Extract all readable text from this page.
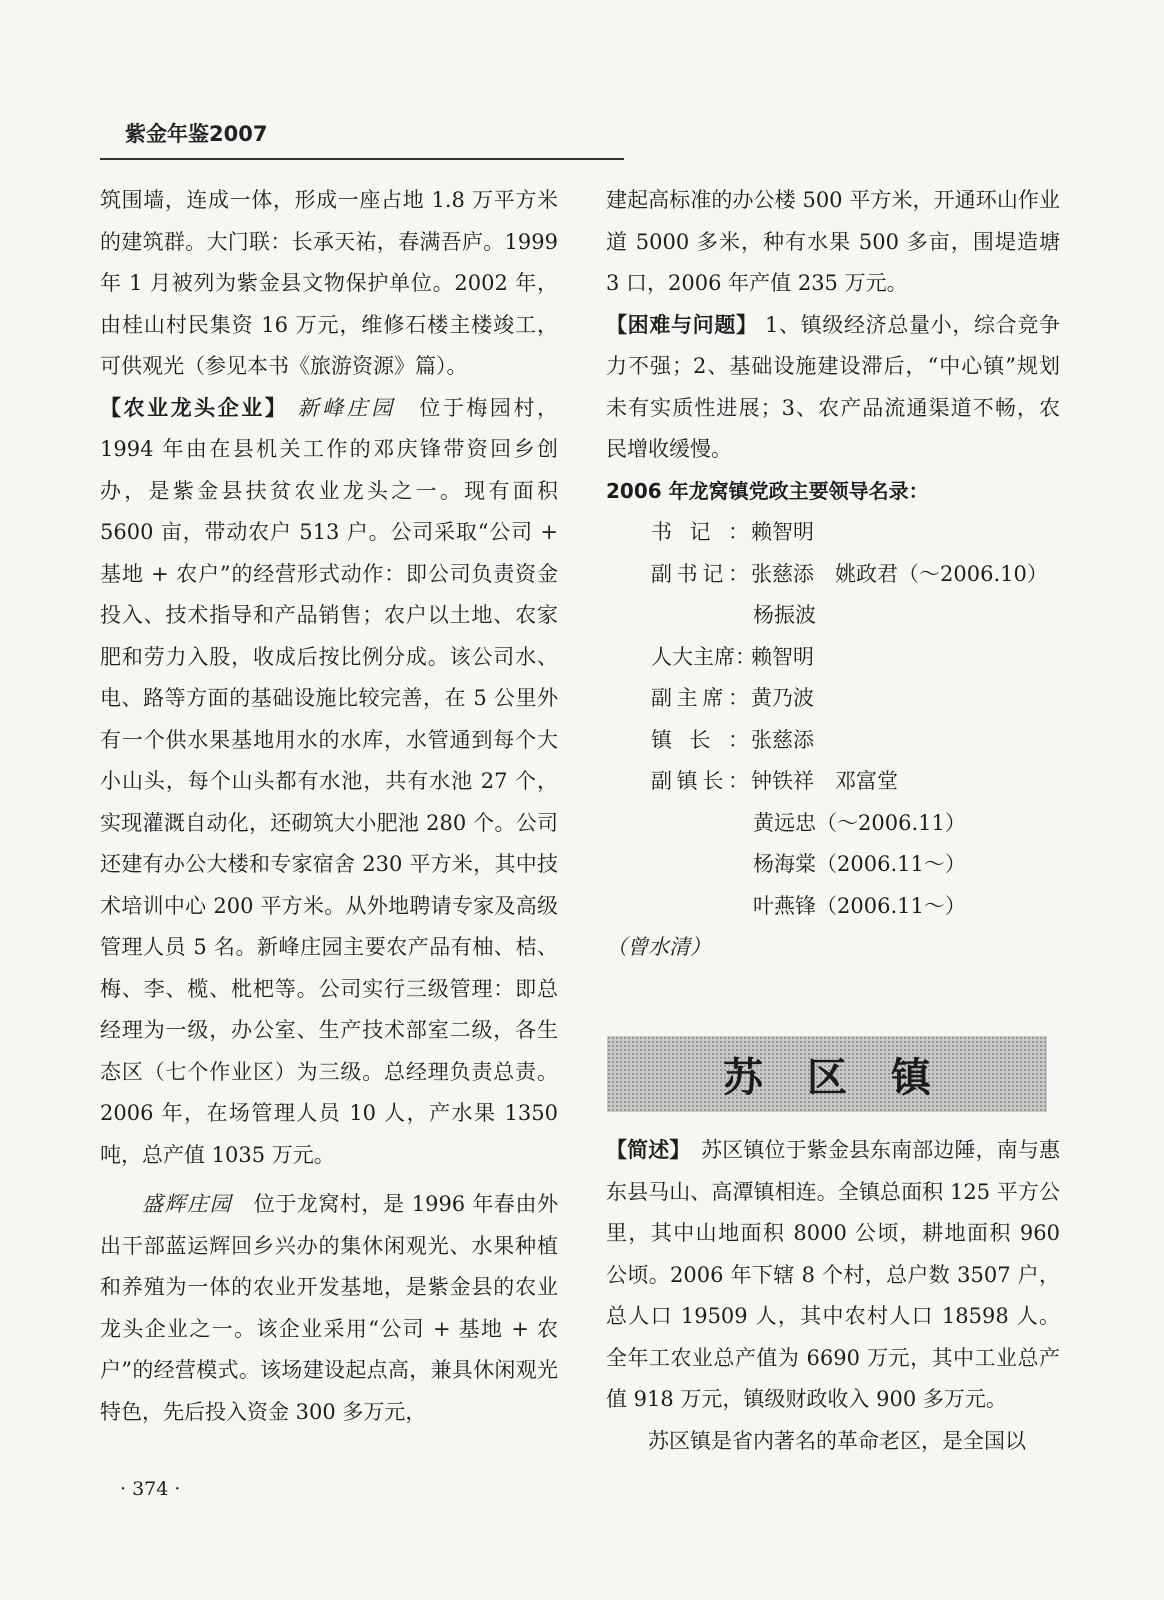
紫金年鉴2007

筑围墙，连成一体，形成一座占地 1.8 万平方米的建筑群。大门联：长承天祐，春满吾庐。1999 年 1 月被列为紫金县文物保护单位。2002 年，由桂山村民集资 16 万元，维修石楼主楼竣工，可供观光（参见本书《旅游资源》篇）。

【农业龙头企业】 新峰庄园　 位于梅园村，1994 年由在县机关工作的邓庆锋带资回乡创办，是紫金县扶贫农业龙头之一。现有面积 5600 亩，带动农户 513 户。公司采取“公司 + 基地 + 农户”的经营形式动作：即公司负责资金投入、技术指导和产品销售；农户以土地、农家肥和劳力入股，收成后按比例分成。该公司水、电、路等方面的基础设施比较完善，在 5 公里外有一个供水果基地用水的水库，水管通到每个大小山头，每个山头都有水池，共有水池 27 个，实现灌溉自动化，还砌筑大小肥池 280 个。公司还建有办公大楼和专家宿舍 230 平方米，其中技术培训中心 200 平方米。从外地聘请专家及高级管理人员 5 名。新峰庄园主要农产品有柚、桔、梅、李、榄、枇杷等。公司实行三级管理：即总经理为一级，办公室、生产技术部室二级，各生态区（七个作业区）为三级。总经理负责总责。2006 年，在场管理人员 10 人，产水果 1350 吨，总产值 1035 万元。

盛辉庄园　 位于龙窝村，是 1996 年春由外出干部蓝运辉回乡兴办的集休闲观光、水果种植和养殖为一体的农业开发基地，是紫金县的农业龙头企业之一。该企业采用“公司 + 基地 + 农户”的经营模式。该场建设起点高，兼具休闲观光特色，先后投入资金 300 多万元，

建起高标准的办公楼 500 平方米，开通环山作业道 5000 多米，种有水果 500 多亩，围堤造塘 3 口，2006 年产值 235 万元。

【困难与问题】 1、镇级经济总量小，综合竞争力不强；2、基础设施建设滞后，“中心镇”规划未有实质性进展；3、农产品流通渠道不畅，农民增收缓慢。

2006 年龙窝镇党政主要领导名录：

书记： 赖智明
副书记： 张慈添　姚政君（～2006.10）
杨振波
人大主席：
赖智明
副主席： 黄乃波
镇长： 张慈添
副镇长： 钟铁祥　邓富堂
黄远忠（～2006.11）
杨海棠（2006.11～）
叶燕锋（2006.11～）

（曾水清）

苏区镇

【简述】　 苏区镇位于紫金县东南部边陲，南与惠东县马山、高潭镇相连。全镇总面积 125 平方公里，其中山地面积 8000 公顷，耕地面积 960 公顷。2006 年下辖 8 个村，总户数 3507 户，总人口 19509 人，其中农村人口 18598 人。全年工农业总产值为 6690 万元，其中工业总产值 918 万元，镇级财政收入 900 多万元。

苏区镇是省内著名的革命老区，是全国以

· 374 ·
